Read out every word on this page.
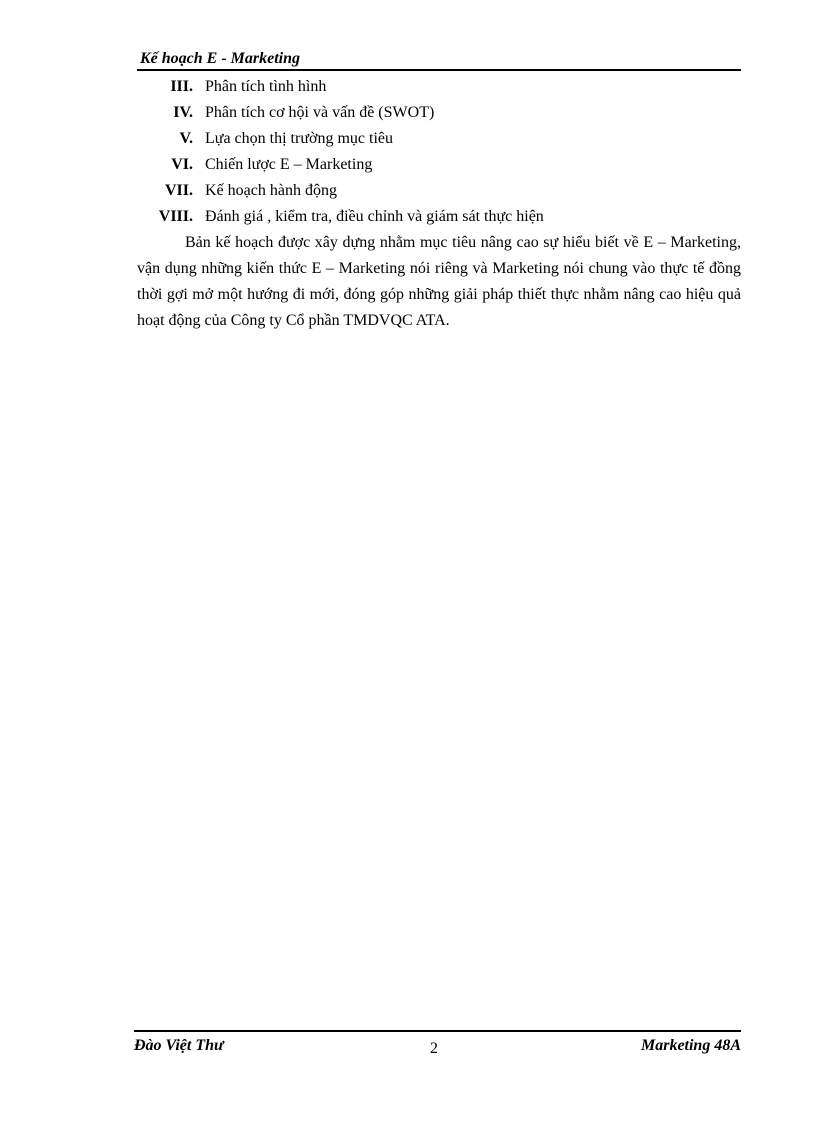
Kế hoạch E - Marketing
III. Phân tích tình hình
IV. Phân tích cơ hội và vấn đề (SWOT)
V. Lựa chọn thị trường mục tiêu
VI. Chiến lược E – Marketing
VII. Kế hoạch hành động
VIII. Đánh giá , kiểm tra, điều chỉnh và giám sát thực hiện

Bản kế hoạch được xây dựng nhằm mục tiêu nâng cao sự hiểu biết về E – Marketing, vận dụng những kiến thức E – Marketing nói riêng và Marketing nói chung vào thực tế đồng thời gợi mở một hướng đi mới, đóng góp những giải pháp thiết thực nhằm nâng cao hiệu quả hoạt động của Công ty Cổ phần TMDVQC ATA.

Đào Việt Thư	2	Marketing 48A
